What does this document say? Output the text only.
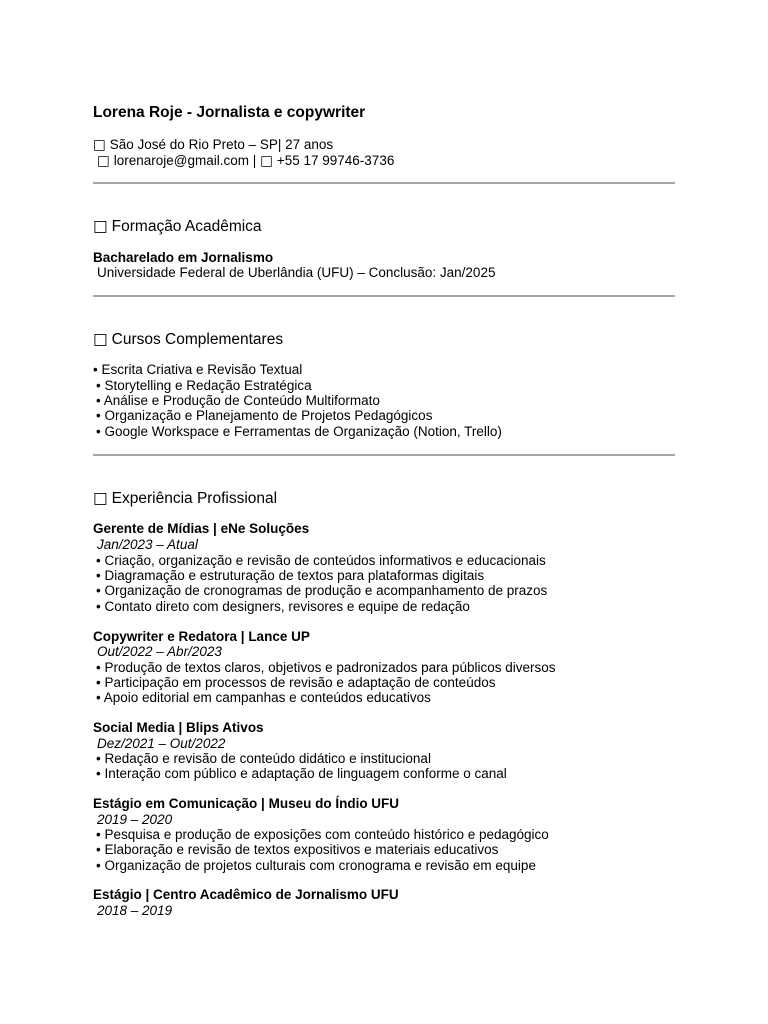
Lorena Roje - Jornalista e copywriter
□ São José do Rio Preto – SP| 27 anos
□ lorenaroje@gmail.com | □ +55 17 99746-3736
□ Formação Acadêmica
Bacharelado em Jornalismo
Universidade Federal de Uberlândia (UFU) – Conclusão: Jan/2025
□ Cursos Complementares
• Escrita Criativa e Revisão Textual
• Storytelling e Redação Estratégica
• Análise e Produção de Conteúdo Multiformato
• Organização e Planejamento de Projetos Pedagógicos
• Google Workspace e Ferramentas de Organização (Notion, Trello)
□ Experiência Profissional
Gerente de Mídias | eNe Soluções
Jan/2023 – Atual
• Criação, organização e revisão de conteúdos informativos e educacionais
• Diagramação e estruturação de textos para plataformas digitais
• Organização de cronogramas de produção e acompanhamento de prazos
• Contato direto com designers, revisores e equipe de redação
Copywriter e Redatora | Lance UP
Out/2022 – Abr/2023
• Produção de textos claros, objetivos e padronizados para públicos diversos
• Participação em processos de revisão e adaptação de conteúdos
• Apoio editorial em campanhas e conteúdos educativos
Social Media | Blips Ativos
Dez/2021 – Out/2022
• Redação e revisão de conteúdo didático e institucional
• Interação com público e adaptação de linguagem conforme o canal
Estágio em Comunicação | Museu do Índio UFU
2019 – 2020
• Pesquisa e produção de exposições com conteúdo histórico e pedagógico
• Elaboração e revisão de textos expositivos e materiais educativos
• Organização de projetos culturais com cronograma e revisão em equipe
Estágio | Centro Acadêmico de Jornalismo UFU
2018 – 2019
